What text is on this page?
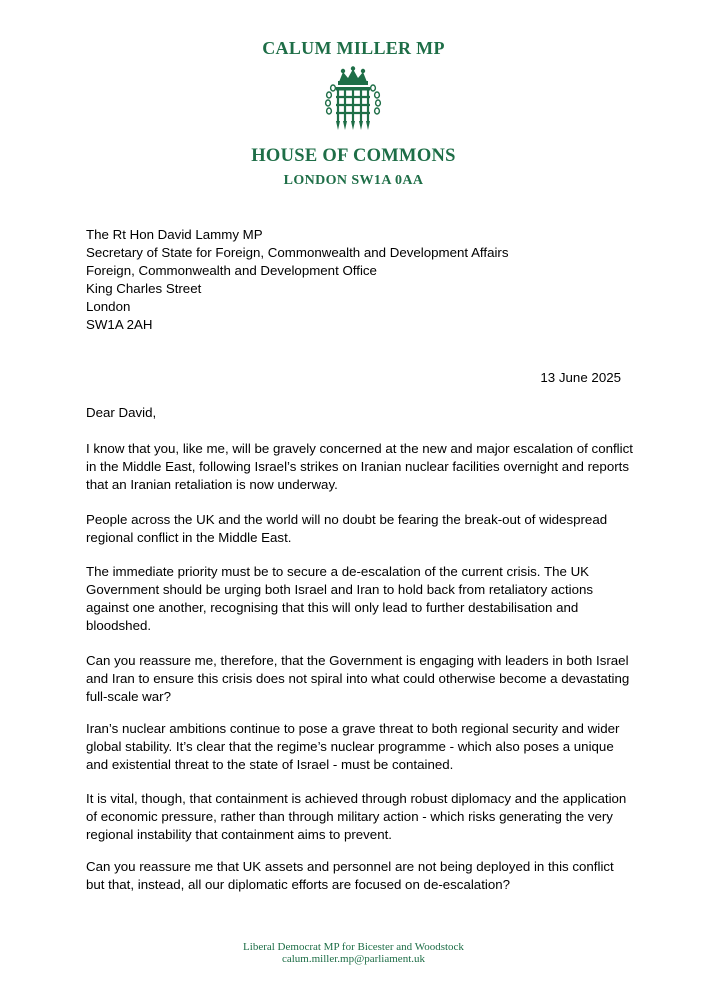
CALUM MILLER MP
HOUSE OF COMMONS
LONDON SW1A 0AA
The Rt Hon David Lammy MP
Secretary of State for Foreign, Commonwealth and Development Affairs
Foreign, Commonwealth and Development Office
King Charles Street
London
SW1A 2AH
13 June 2025
Dear David,

I know that you, like me, will be gravely concerned at the new and major escalation of conflict in the Middle East, following Israel’s strikes on Iranian nuclear facilities overnight and reports that an Iranian retaliation is now underway.

People across the UK and the world will no doubt be fearing the break-out of widespread regional conflict in the Middle East.

The immediate priority must be to secure a de-escalation of the current crisis. The UK Government should be urging both Israel and Iran to hold back from retaliatory actions against one another, recognising that this will only lead to further destabilisation and bloodshed.

Can you reassure me, therefore, that the Government is engaging with leaders in both Israel and Iran to ensure this crisis does not spiral into what could otherwise become a devastating full-scale war?

Iran’s nuclear ambitions continue to pose a grave threat to both regional security and wider global stability. It’s clear that the regime’s nuclear programme - which also poses a unique and existential threat to the state of Israel - must be contained.

It is vital, though, that containment is achieved through robust diplomacy and the application of economic pressure, rather than through military action - which risks generating the very regional instability that containment aims to prevent.

Can you reassure me that UK assets and personnel are not being deployed in this conflict but that, instead, all our diplomatic efforts are focused on de-escalation?

Liberal Democrat MP for Bicester and Woodstock
calum.miller.mp@parliament.uk
